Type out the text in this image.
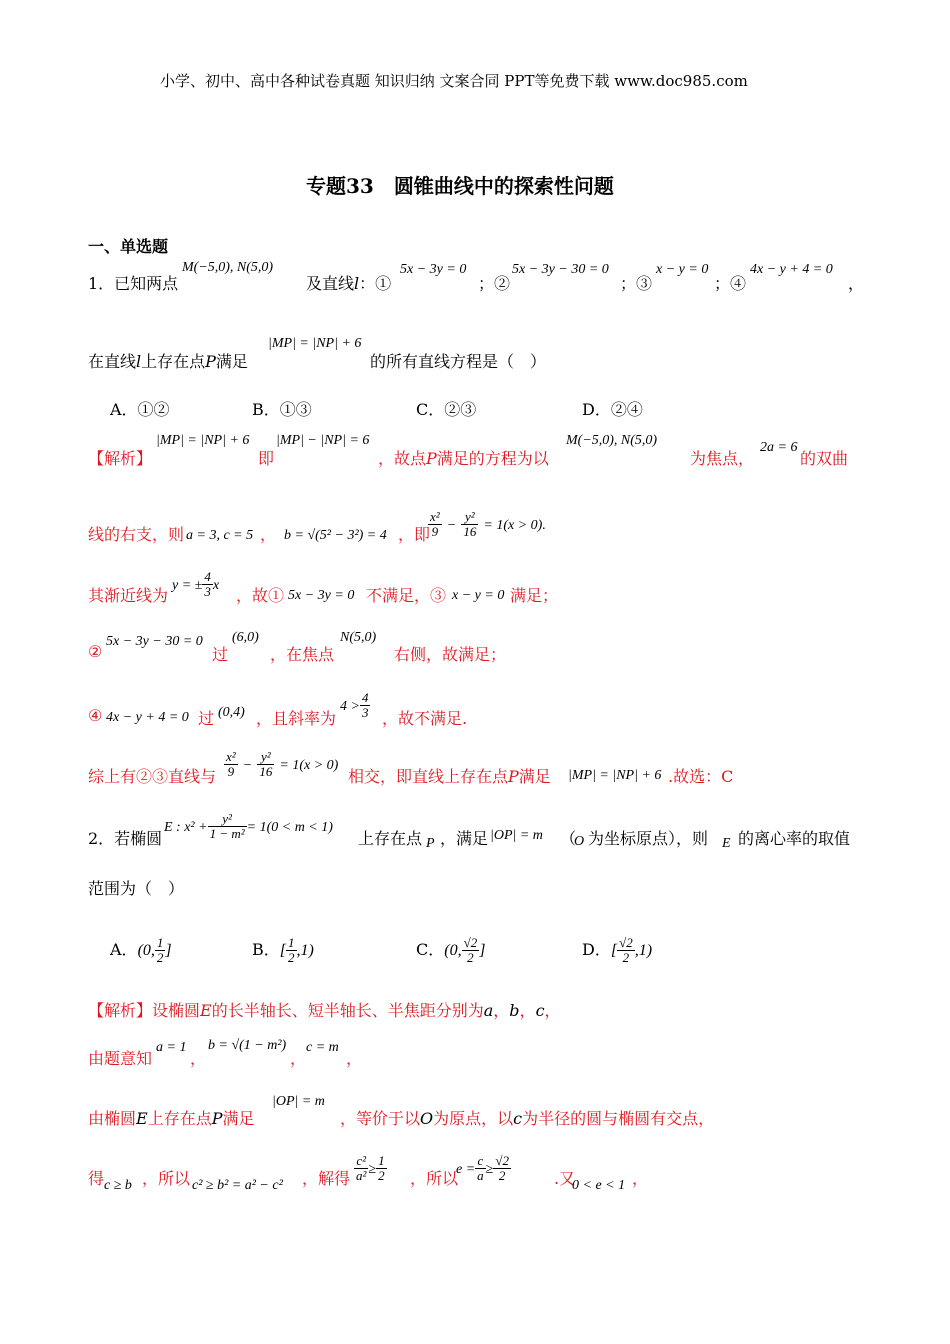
小学、初中、高中各种试卷真题 知识归纳 文案合同 PPT等免费下载 www.doc985.com
专题33　圆锥曲线中的探索性问题
一、单选题
1．已知两点
M(−5,0), N(5,0)
及直线l：①
5x − 3y = 0
；②
5x − 3y − 30 = 0
；③
x − y = 0
；④
4x − y + 4 = 0
，
在直线l上存在点P满足
|MP| = |NP| + 6
的所有直线方程是（　）
A．①②	B．①③	C．②③	D．②④
【解析】
|MP| = |NP| + 6
即
|MP| − |NP| = 6
，故点P满足的方程为以
M(−5,0), N(5,0)
为焦点，
2a = 6
的双曲
线的右支，则 a = 3, c = 5 ， b = √(5² − 3²) = 4 ，即
$\frac{\text{x²}}{9} - \frac{\text{y²}}{16} = 1(x > 0)$.
其渐近线为
y = ± $\frac{4}{3}$ x
，故① 5x − 3y = 0 不满足，③ x − y = 0 满足；
②
5x − 3y − 30 = 0
过
(6,0)
，在焦点
N(5,0)
右侧，故满足；
④ 4x − y + 4 = 0 过 (0,4) ，且斜率为
$4 > \frac{4}{3}$ ，故不满足.
综上有②③直线与 $\frac{\text{x²}}{9} - \frac{\text{y²}}{16} = 1(x > 0)$
相交，即直线上存在点P满足 |MP| = |NP| + 6 .故选：C
2．若椭圆
E : $x^2 + \frac{\text{y²}}{\text{1 − m²}} = 1(0 < m < 1)$
上存在点 P ，满足 |OP| = m （
O 为坐标原点），则 E 的离心率的取值
范围为（　）
A．(0, $\frac{1}{2}$ ]	B．[ $\frac{1}{2} ,1$)	C．(0, $\frac{√2}{2}$ ]	D．[ $\frac{√2}{2} ,1$)
【解析】设椭圆E的长半轴长、短半轴长、半焦距分别为a，b，c，
由题意知
a = 1
，
b = √(1 − m²)
，
c = m
，
由椭圆E上存在点P满足
|OP| = m
，等价于以O为原点，以c为半径的圆与椭圆有交点，
得 c ≥ b ，所以 c² ≥ b² = a² − c² ，解得 $\frac{\text{c²}}{\text{a²}} \ge \frac{1}{2}$ ，所以
$e = \frac{c}{a} \ge \frac{√2}{2}$	.又
0 < e < 1 ，
